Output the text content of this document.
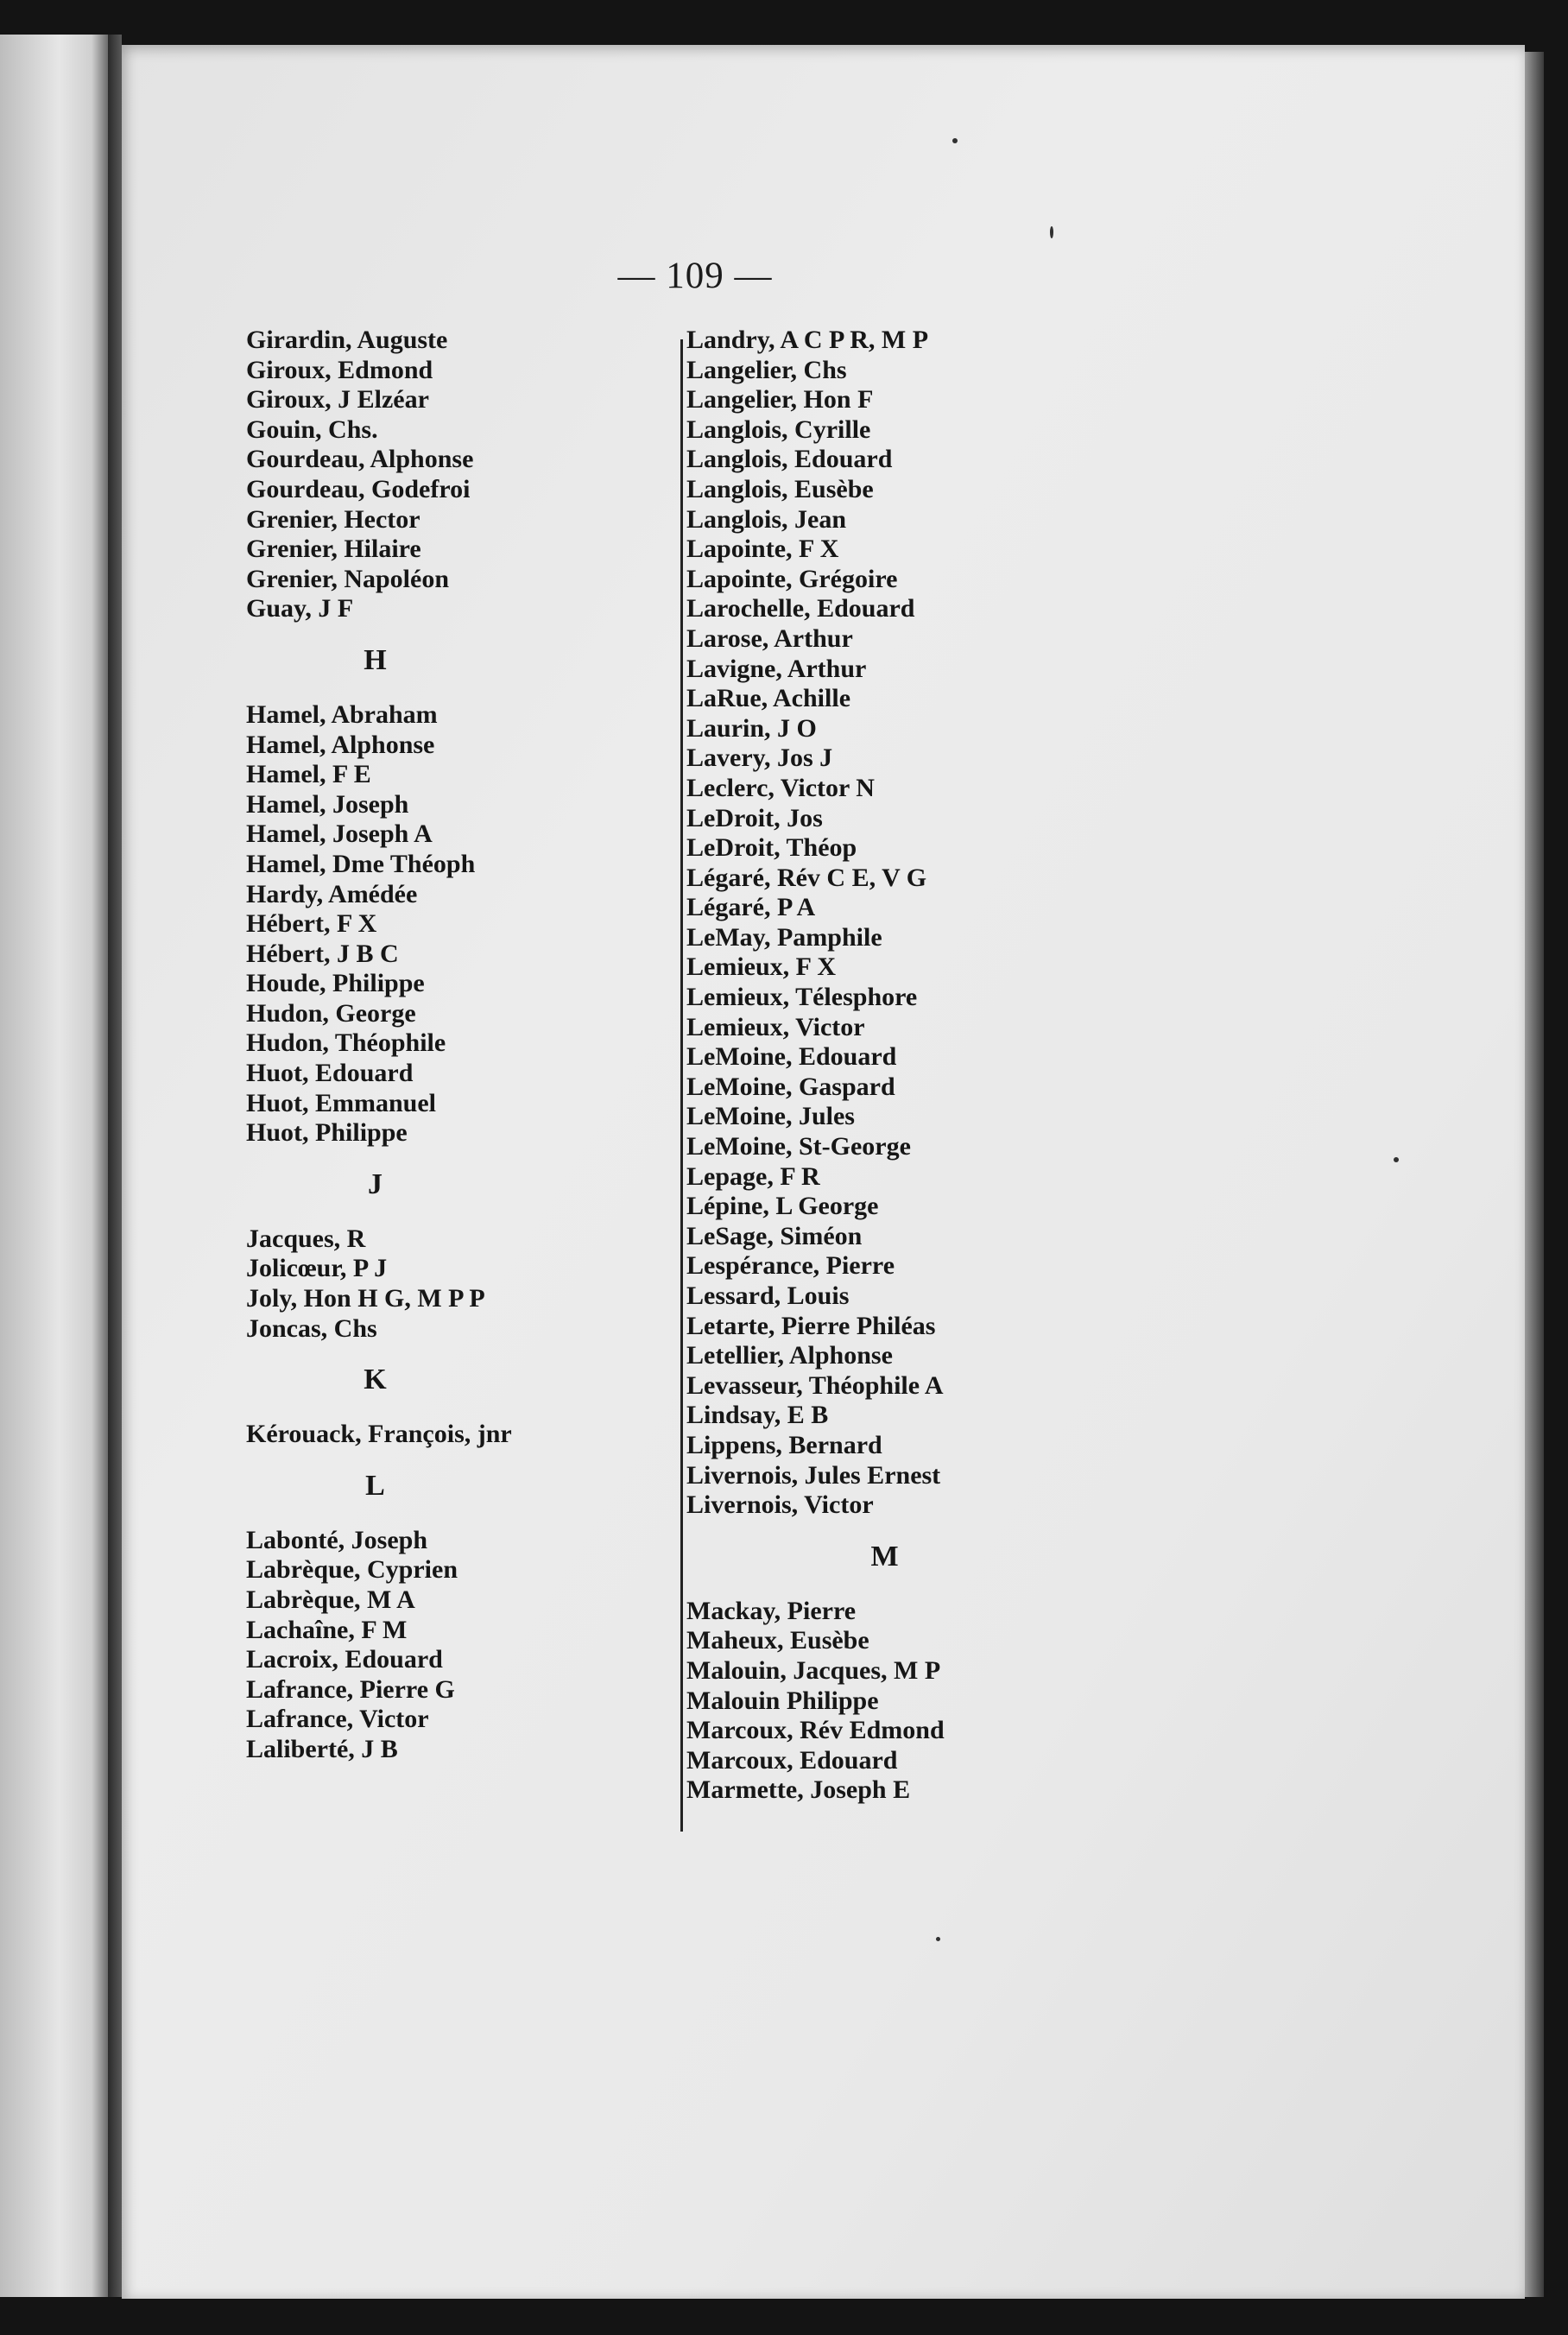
— 109 —
Girardin, Auguste
Giroux, Edmond
Giroux, J Elzéar
Gouin, Chs.
Gourdeau, Alphonse
Gourdeau, Godefroi
Grenier, Hector
Grenier, Hilaire
Grenier, Napoléon
Guay, J F
H
Hamel, Abraham
Hamel, Alphonse
Hamel, F E
Hamel, Joseph
Hamel, Joseph A
Hamel, Dme Théoph
Hardy, Amédée
Hébert, F X
Hébert, J B C
Houde, Philippe
Hudon, George
Hudon, Théophile
Huot, Edouard
Huot, Emmanuel
Huot, Philippe
J
Jacques, R
Jolicœur, P J
Joly, Hon H G, M P P
Joncas, Chs
K
Kérouack, François, jnr
L
Labonté, Joseph
Labrèque, Cyprien
Labrèque, M A
Lachaîne, F M
Lacroix, Edouard
Lafrance, Pierre G
Lafrance, Victor
Laliberté, J B
Landry, A C P R, M P
Langelier, Chs
Langelier, Hon F
Langlois, Cyrille
Langlois, Edouard
Langlois, Eusèbe
Langlois, Jean
Lapointe, F X
Lapointe, Grégoire
Larochelle, Edouard
Larose, Arthur
Lavigne, Arthur
LaRue, Achille
Laurin, J O
Lavery, Jos J
Leclerc, Victor N
LeDroit, Jos
LeDroit, Théop
Légaré, Rév C E, V G
Légaré, P A
LeMay, Pamphile
Lemieux, F X
Lemieux, Télesphore
Lemieux, Victor
LeMoine, Edouard
LeMoine, Gaspard
LeMoine, Jules
LeMoine, St-George
Lepage, F R
Lépine, L George
LeSage, Siméon
Lespérance, Pierre
Lessard, Louis
Letarte, Pierre Philéas
Letellier, Alphonse
Levasseur, Théophile A
Lindsay, E B
Lippens, Bernard
Livernois, Jules Ernest
Livernois, Victor
M
Mackay, Pierre
Maheux, Eusèbe
Malouin, Jacques, M P
Malouin Philippe
Marcoux, Rév Edmond
Marcoux, Edouard
Marmette, Joseph E
